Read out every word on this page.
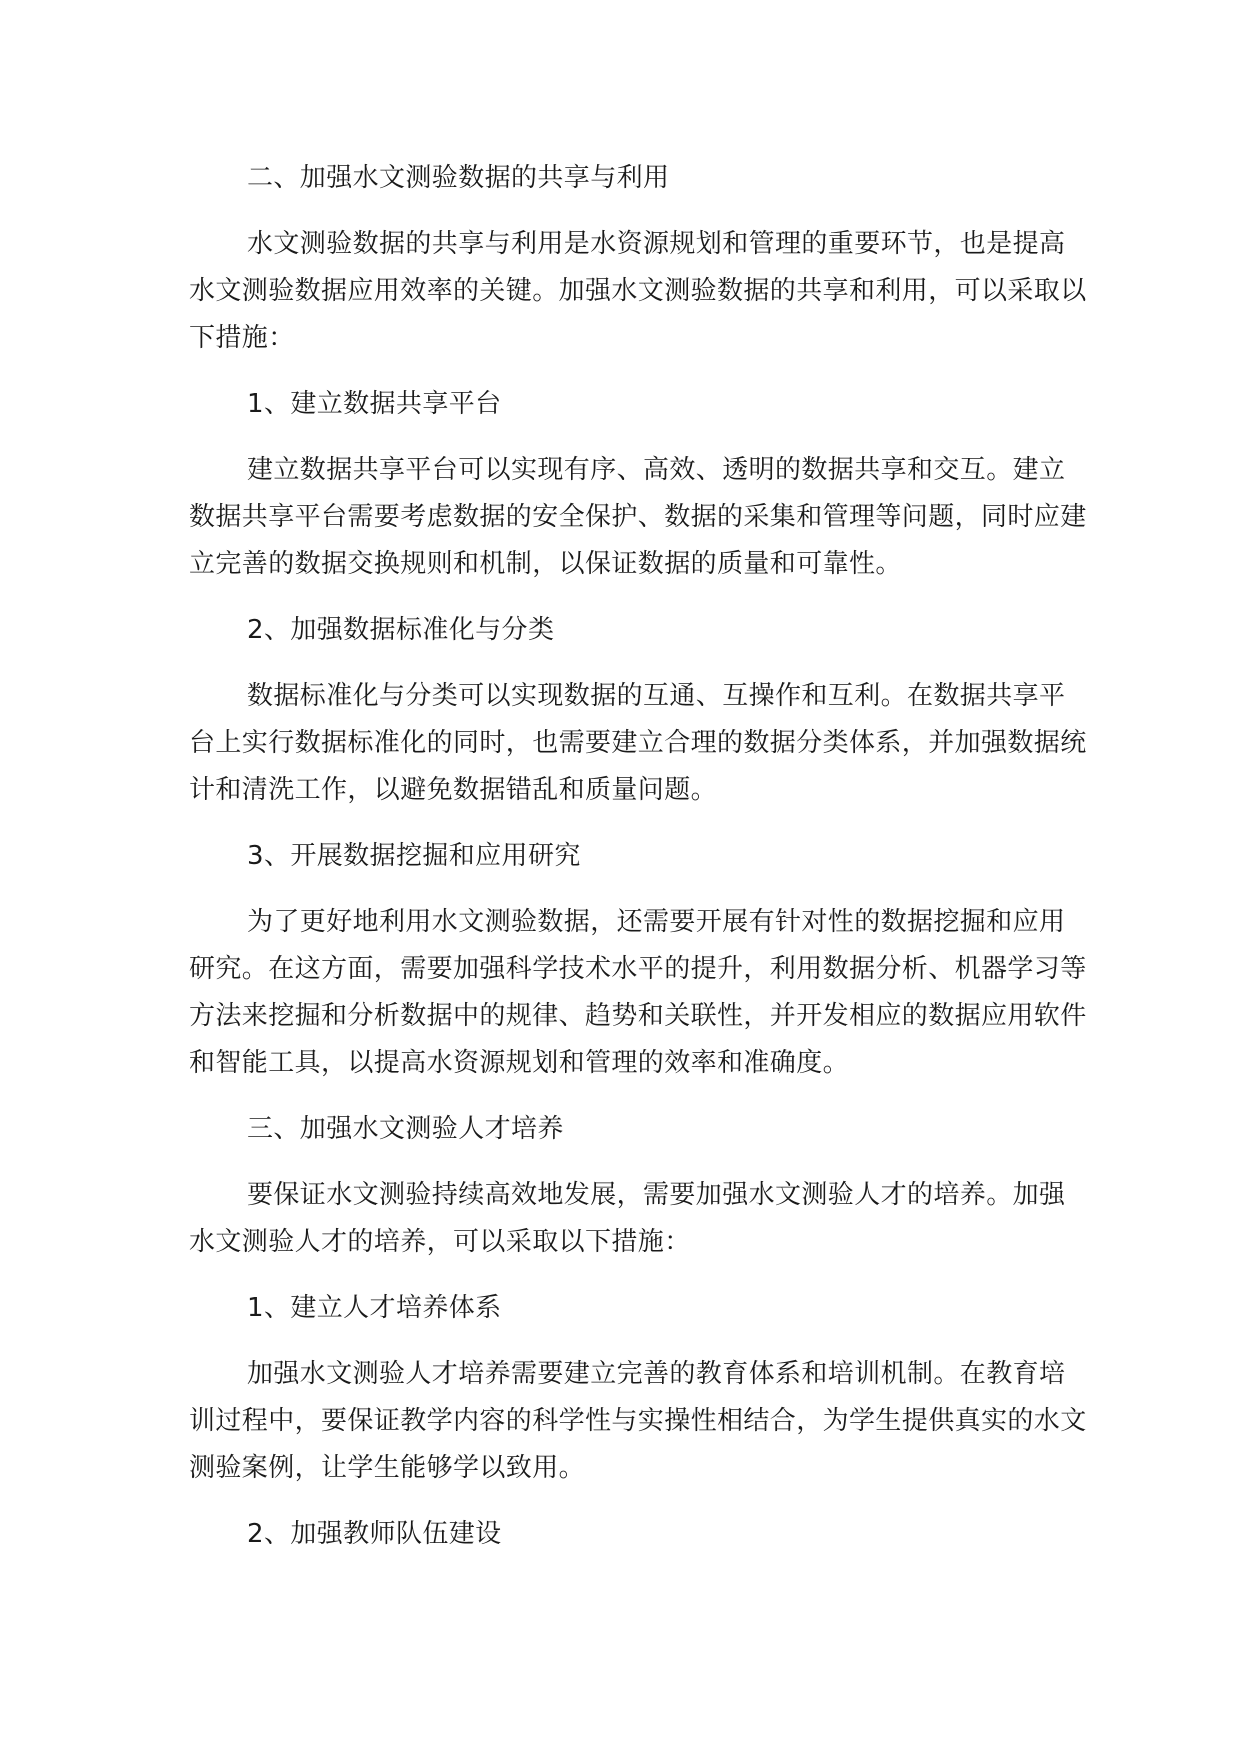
二、加强水文测验数据的共享与利用

水文测验数据的共享与利用是水资源规划和管理的重要环节，也是提高水文测验数据应用效率的关键。加强水文测验数据的共享和利用，可以采取以下措施：

1、建立数据共享平台

建立数据共享平台可以实现有序、高效、透明的数据共享和交互。建立数据共享平台需要考虑数据的安全保护、数据的采集和管理等问题，同时应建立完善的数据交换规则和机制，以保证数据的质量和可靠性。

2、加强数据标准化与分类

数据标准化与分类可以实现数据的互通、互操作和互利。在数据共享平台上实行数据标准化的同时，也需要建立合理的数据分类体系，并加强数据统计和清洗工作，以避免数据错乱和质量问题。

3、开展数据挖掘和应用研究

为了更好地利用水文测验数据，还需要开展有针对性的数据挖掘和应用研究。在这方面，需要加强科学技术水平的提升，利用数据分析、机器学习等方法来挖掘和分析数据中的规律、趋势和关联性，并开发相应的数据应用软件和智能工具，以提高水资源规划和管理的效率和准确度。

三、加强水文测验人才培养

要保证水文测验持续高效地发展，需要加强水文测验人才的培养。加强水文测验人才的培养，可以采取以下措施：

1、建立人才培养体系

加强水文测验人才培养需要建立完善的教育体系和培训机制。在教育培训过程中，要保证教学内容的科学性与实操性相结合，为学生提供真实的水文测验案例，让学生能够学以致用。

2、加强教师队伍建设
